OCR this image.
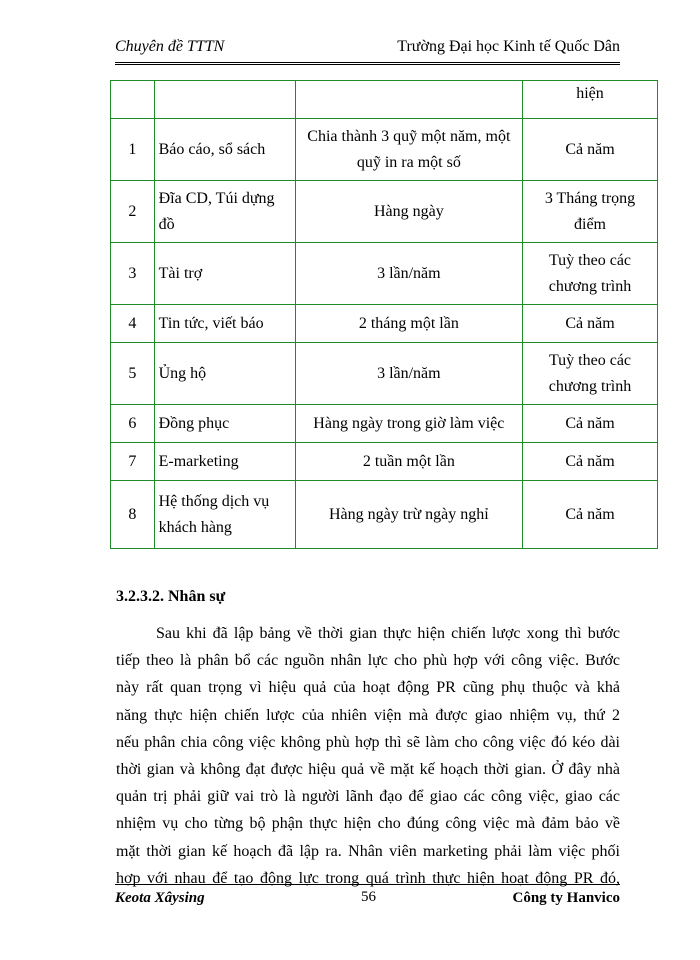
Chuyên đề TTTN	Trường Đại học Kinh tế Quốc Dân
			hiện
1	Báo cáo, sổ sách	Chia thành 3 quỹ một năm, một quỹ in ra một số	Cả năm
2	Đĩa CD, Túi dựng đồ	Hàng ngày	3 Tháng trọng điểm
3	Tài trợ	3 lần/năm	Tuỳ theo các chương trình
4	Tin tức, viết báo	2 tháng một lần	Cả năm
5	Ủng hộ	3 lần/năm	Tuỳ theo các chương trình
6	Đồng phục	Hàng ngày trong giờ làm việc	Cả năm
7	E-marketing	2 tuần một lần	Cả năm
8	Hệ thống dịch vụ khách hàng	Hàng ngày trừ ngày nghỉ	Cả năm
3.2.3.2. Nhân sự
Sau khi đã lập bảng về thời gian thực hiện chiến lược xong thì bước
tiếp theo là phân bổ các nguồn nhân lực cho phù hợp với công việc. Bước
này rất quan trọng vì hiệu quả của hoạt động PR cũng phụ thuộc và khả
năng thực hiện chiến lược của nhiên viện mà được giao nhiệm vụ, thứ 2
nếu phân chia công việc không phù hợp thì sẽ làm cho công việc đó kéo dài
thời gian và không đạt được hiệu quả về mặt kế hoạch thời gian. Ở đây nhà
quản trị phải giữ vai trò là người lãnh đạo để giao các công việc, giao các
nhiệm vụ cho từng bộ phận thực hiện cho đúng công việc mà đảm bảo về
mặt thời gian kế hoạch đã lập ra. Nhân viên marketing phải làm việc phối
hợp với nhau để tạo động lực trong quá trình thực hiện hoạt động PR đó,
Keota Xâysing	56	Công ty Hanvico
